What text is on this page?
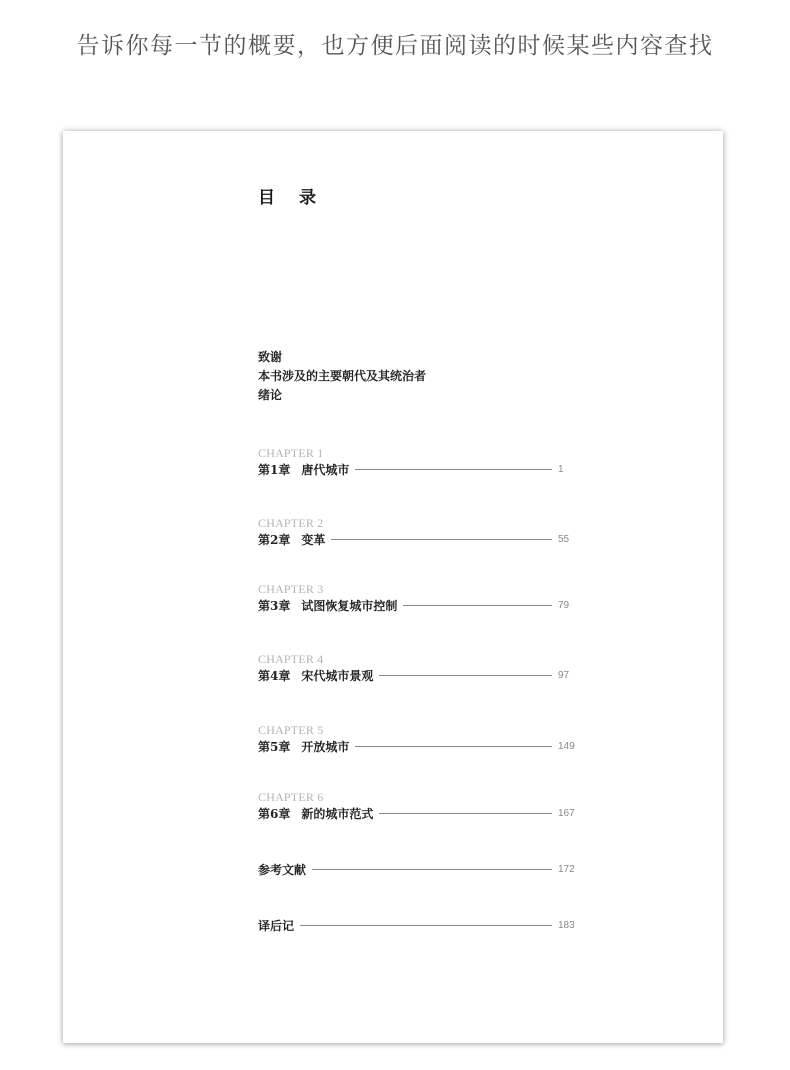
告诉你每一节的概要，也方便后面阅读的时候某些内容查找
目 录
致谢
本书涉及的主要朝代及其统治者
绪论
CHAPTER 1
第1章 唐代城市	1
CHAPTER 2
第2章 变革	55
CHAPTER 3
第3章 试图恢复城市控制	79
CHAPTER 4
第4章 宋代城市景观	97
CHAPTER 5
第5章 开放城市	149
CHAPTER 6
第6章 新的城市范式	167
参考文献	172
译后记	183
